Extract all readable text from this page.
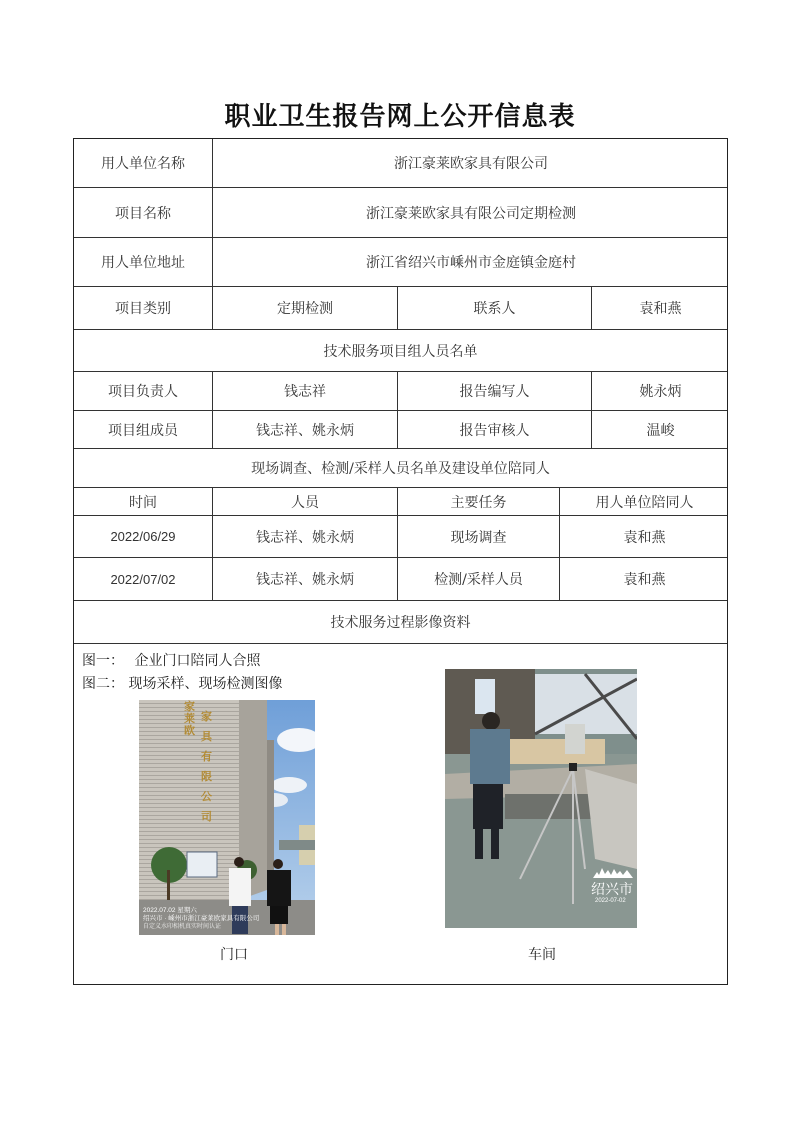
职业卫生报告网上公开信息表
用人单位名称	浙江豪莱欧家具有限公司
项目名称	浙江豪莱欧家具有限公司定期检测
用人单位地址	浙江省绍兴市嵊州市金庭镇金庭村
项目类别	定期检测	联系人	袁和燕
技术服务项目组人员名单
项目负责人	钱志祥	报告编写人	姚永炳
项目组成员	钱志祥、姚永炳	报告审核人	温峻
现场调查、检测/采样人员名单及建设单位陪同人
时间	人员	主要任务	用人单位陪同人
2022/06/29	钱志祥、姚永炳	现场调查	袁和燕
2022/07/02	钱志祥、姚永炳	检测/采样人员	袁和燕
技术服务过程影像资料
图一： 企业门口陪同人合照
图二： 现场采样、现场检测图像
家
莱
欧
家
具
有
限
公
司
2022.07.02 星期六
绍兴市 · 嵊州市浙江豪莱欧家具有限公司
自定义水印相机真实时间认证
门口
绍兴市
2022-07-02
车间
